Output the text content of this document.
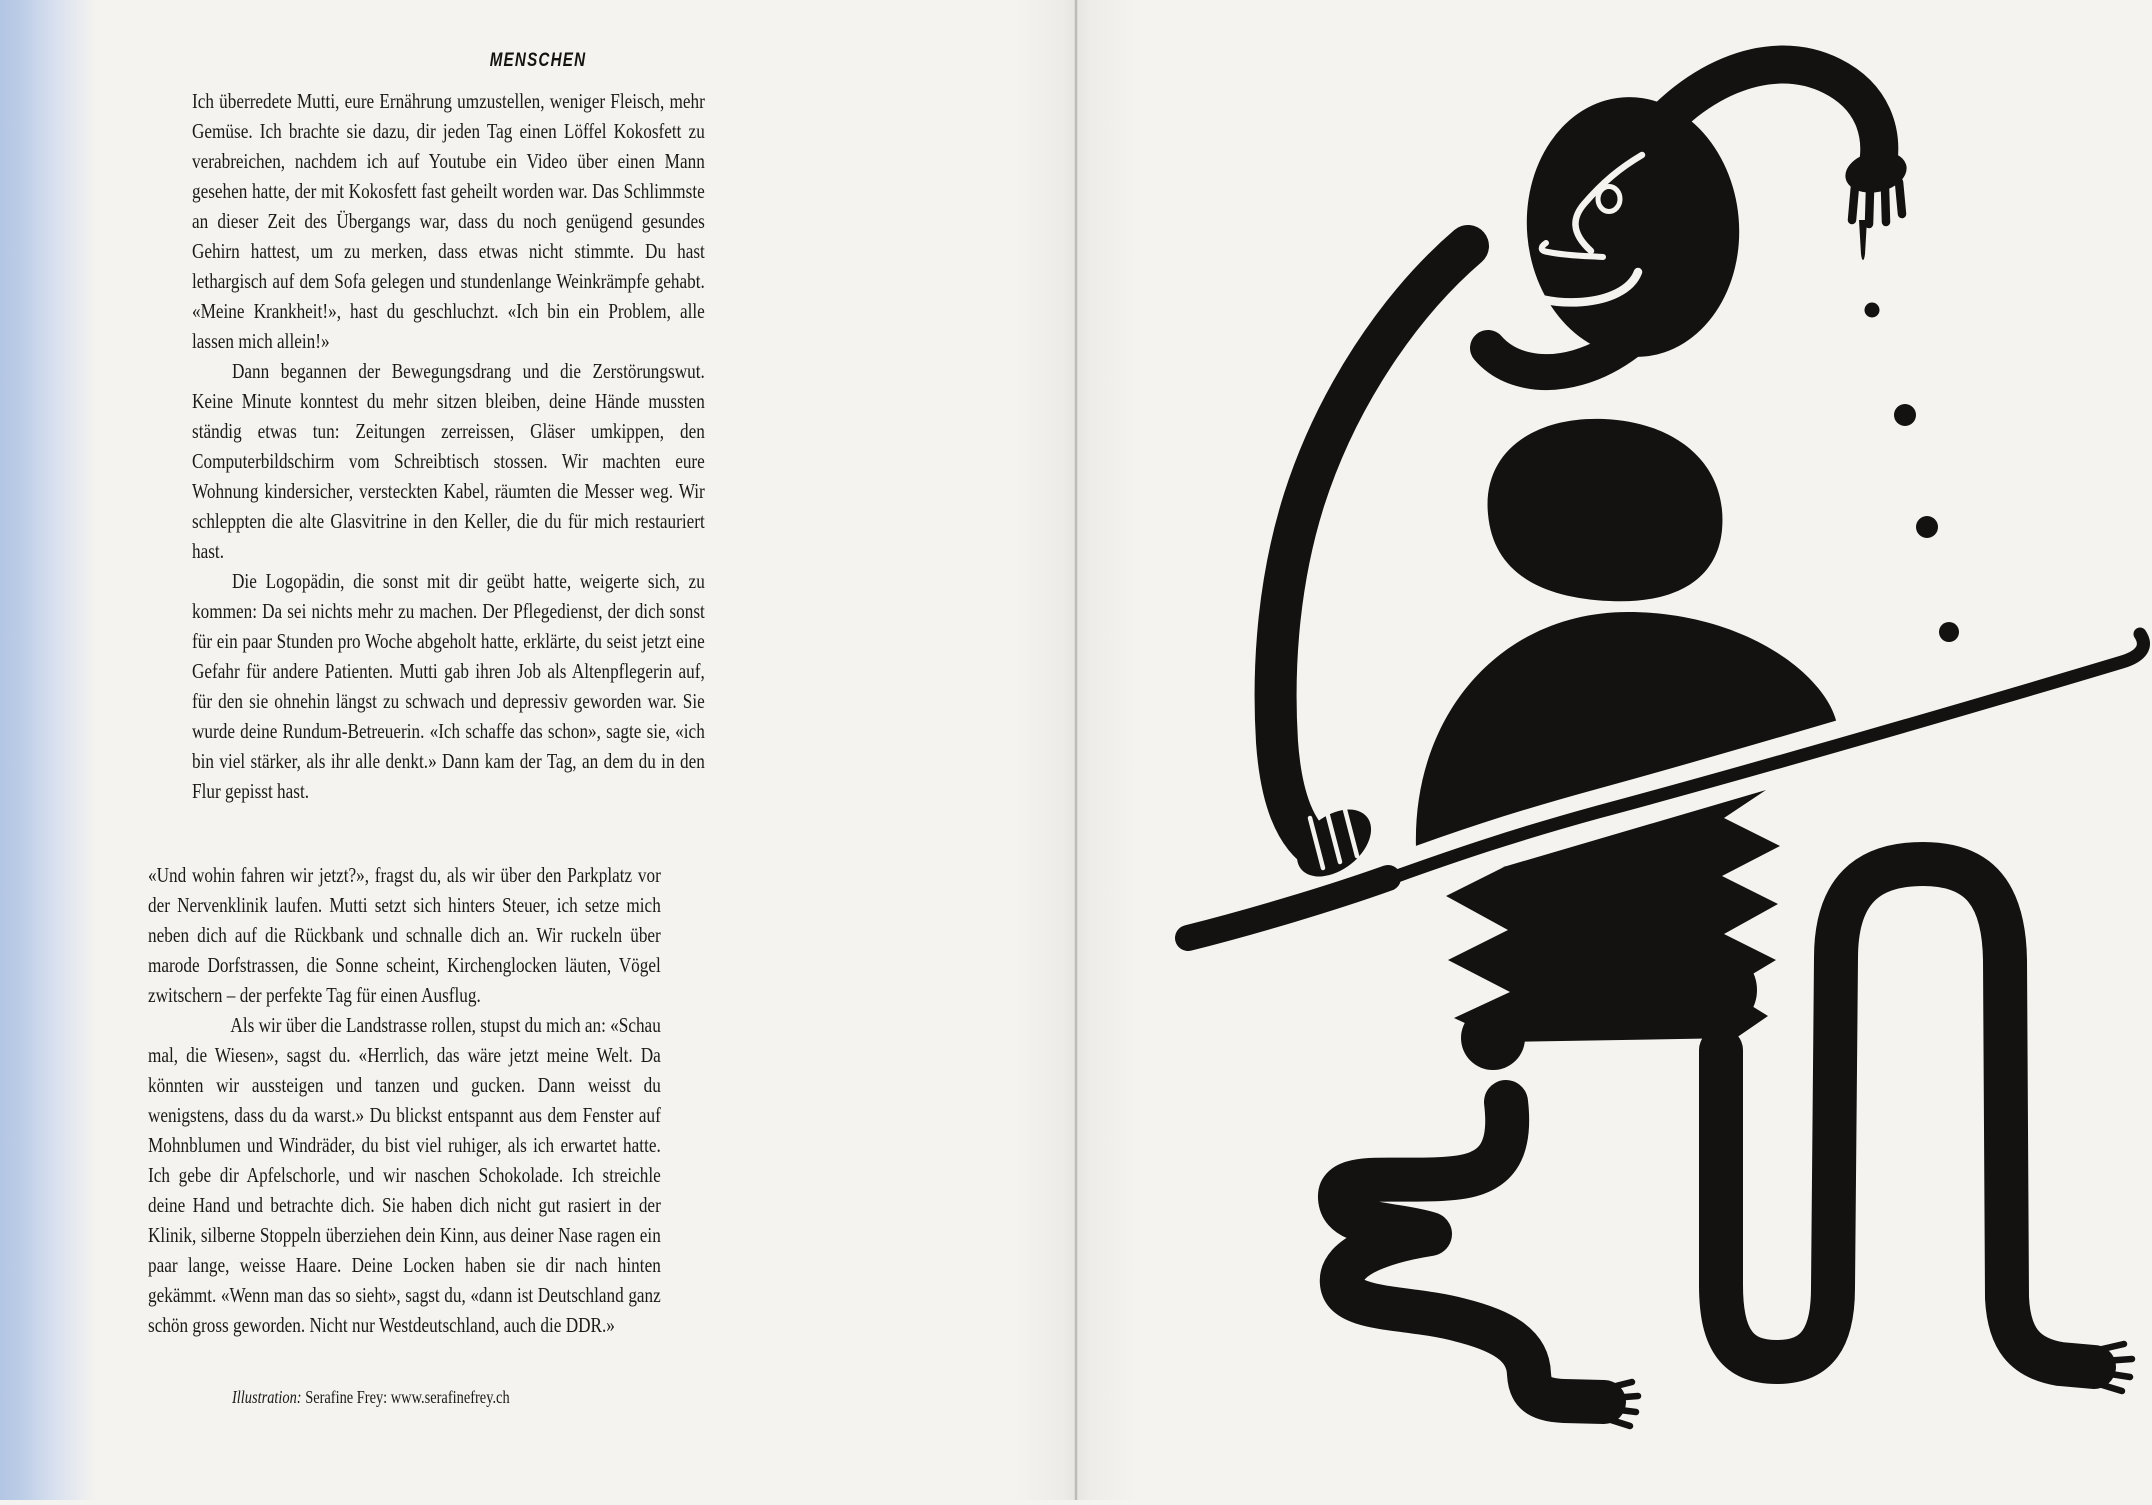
MENSCHEN

Ich überredete Mutti, eure Ernährung umzustellen, weniger Fleisch, mehr Gemüse. Ich brachte sie dazu, dir jeden Tag einen Löffel Kokosfett zu verabreichen, nachdem ich auf Youtube ein Video über einen Mann gesehen hatte, der mit Kokosfett fast geheilt worden war. Das Schlimmste an dieser Zeit des Übergangs war, dass du noch genügend gesundes Gehirn hattest, um zu merken, dass etwas nicht stimmte. Du hast lethargisch auf dem Sofa gelegen und stundenlange Weinkrämpfe gehabt. «Meine Krankheit!», hast du geschluchzt. «Ich bin ein Problem, alle lassen mich allein!»

Dann begannen der Bewegungsdrang und die Zerstörungswut. Keine Minute konntest du mehr sitzen bleiben, deine Hände mussten ständig etwas tun: Zeitungen zerreissen, Gläser umkippen, den Computerbildschirm vom Schreibtisch stossen. Wir machten eure Wohnung kindersicher, versteckten Kabel, räumten die Messer weg. Wir schleppten die alte Glasvitrine in den Keller, die du für mich restauriert hast.

Die Logopädin, die sonst mit dir geübt hatte, weigerte sich, zu kommen: Da sei nichts mehr zu machen. Der Pflegedienst, der dich sonst für ein paar Stunden pro Woche abgeholt hatte, erklärte, du seist jetzt eine Gefahr für andere Patienten. Mutti gab ihren Job als Altenpflegerin auf, für den sie ohnehin längst zu schwach und depressiv geworden war. Sie wurde deine Rundum-Betreuerin. «Ich schaffe das schon», sagte sie, «ich bin viel stärker, als ihr alle denkt.» Dann kam der Tag, an dem du in den Flur gepisst hast.

«Und wohin fahren wir jetzt?», fragst du, als wir über den Parkplatz vor der Nervenklinik laufen. Mutti setzt sich hinters Steuer, ich setze mich neben dich auf die Rückbank und schnalle dich an. Wir ruckeln über marode Dorfstrassen, die Sonne scheint, Kirchenglocken läuten, Vögel zwitschern – der perfekte Tag für einen Ausflug.

Als wir über die Landstrasse rollen, stupst du mich an: «Schau mal, die Wiesen», sagst du. «Herrlich, das wäre jetzt meine Welt. Da könnten wir aussteigen und tanzen und gucken. Dann weisst du wenigstens, dass du da warst.» Du blickst entspannt aus dem Fenster auf Mohnblumen und Windräder, du bist viel ruhiger, als ich erwartet hatte. Ich gebe dir Apfelschorle, und wir naschen Schokolade. Ich streichle deine Hand und betrachte dich. Sie haben dich nicht gut rasiert in der Klinik, silberne Stoppeln überziehen dein Kinn, aus deiner Nase ragen ein paar lange, weisse Haare. Deine Locken haben sie dir nach hinten gekämmt. «Wenn man das so sieht», sagst du, «dann ist Deutschland ganz schön gross geworden. Nicht nur Westdeutschland, auch die DDR.»

Illustration: Serafine Frey: www.serafinefrey.ch
